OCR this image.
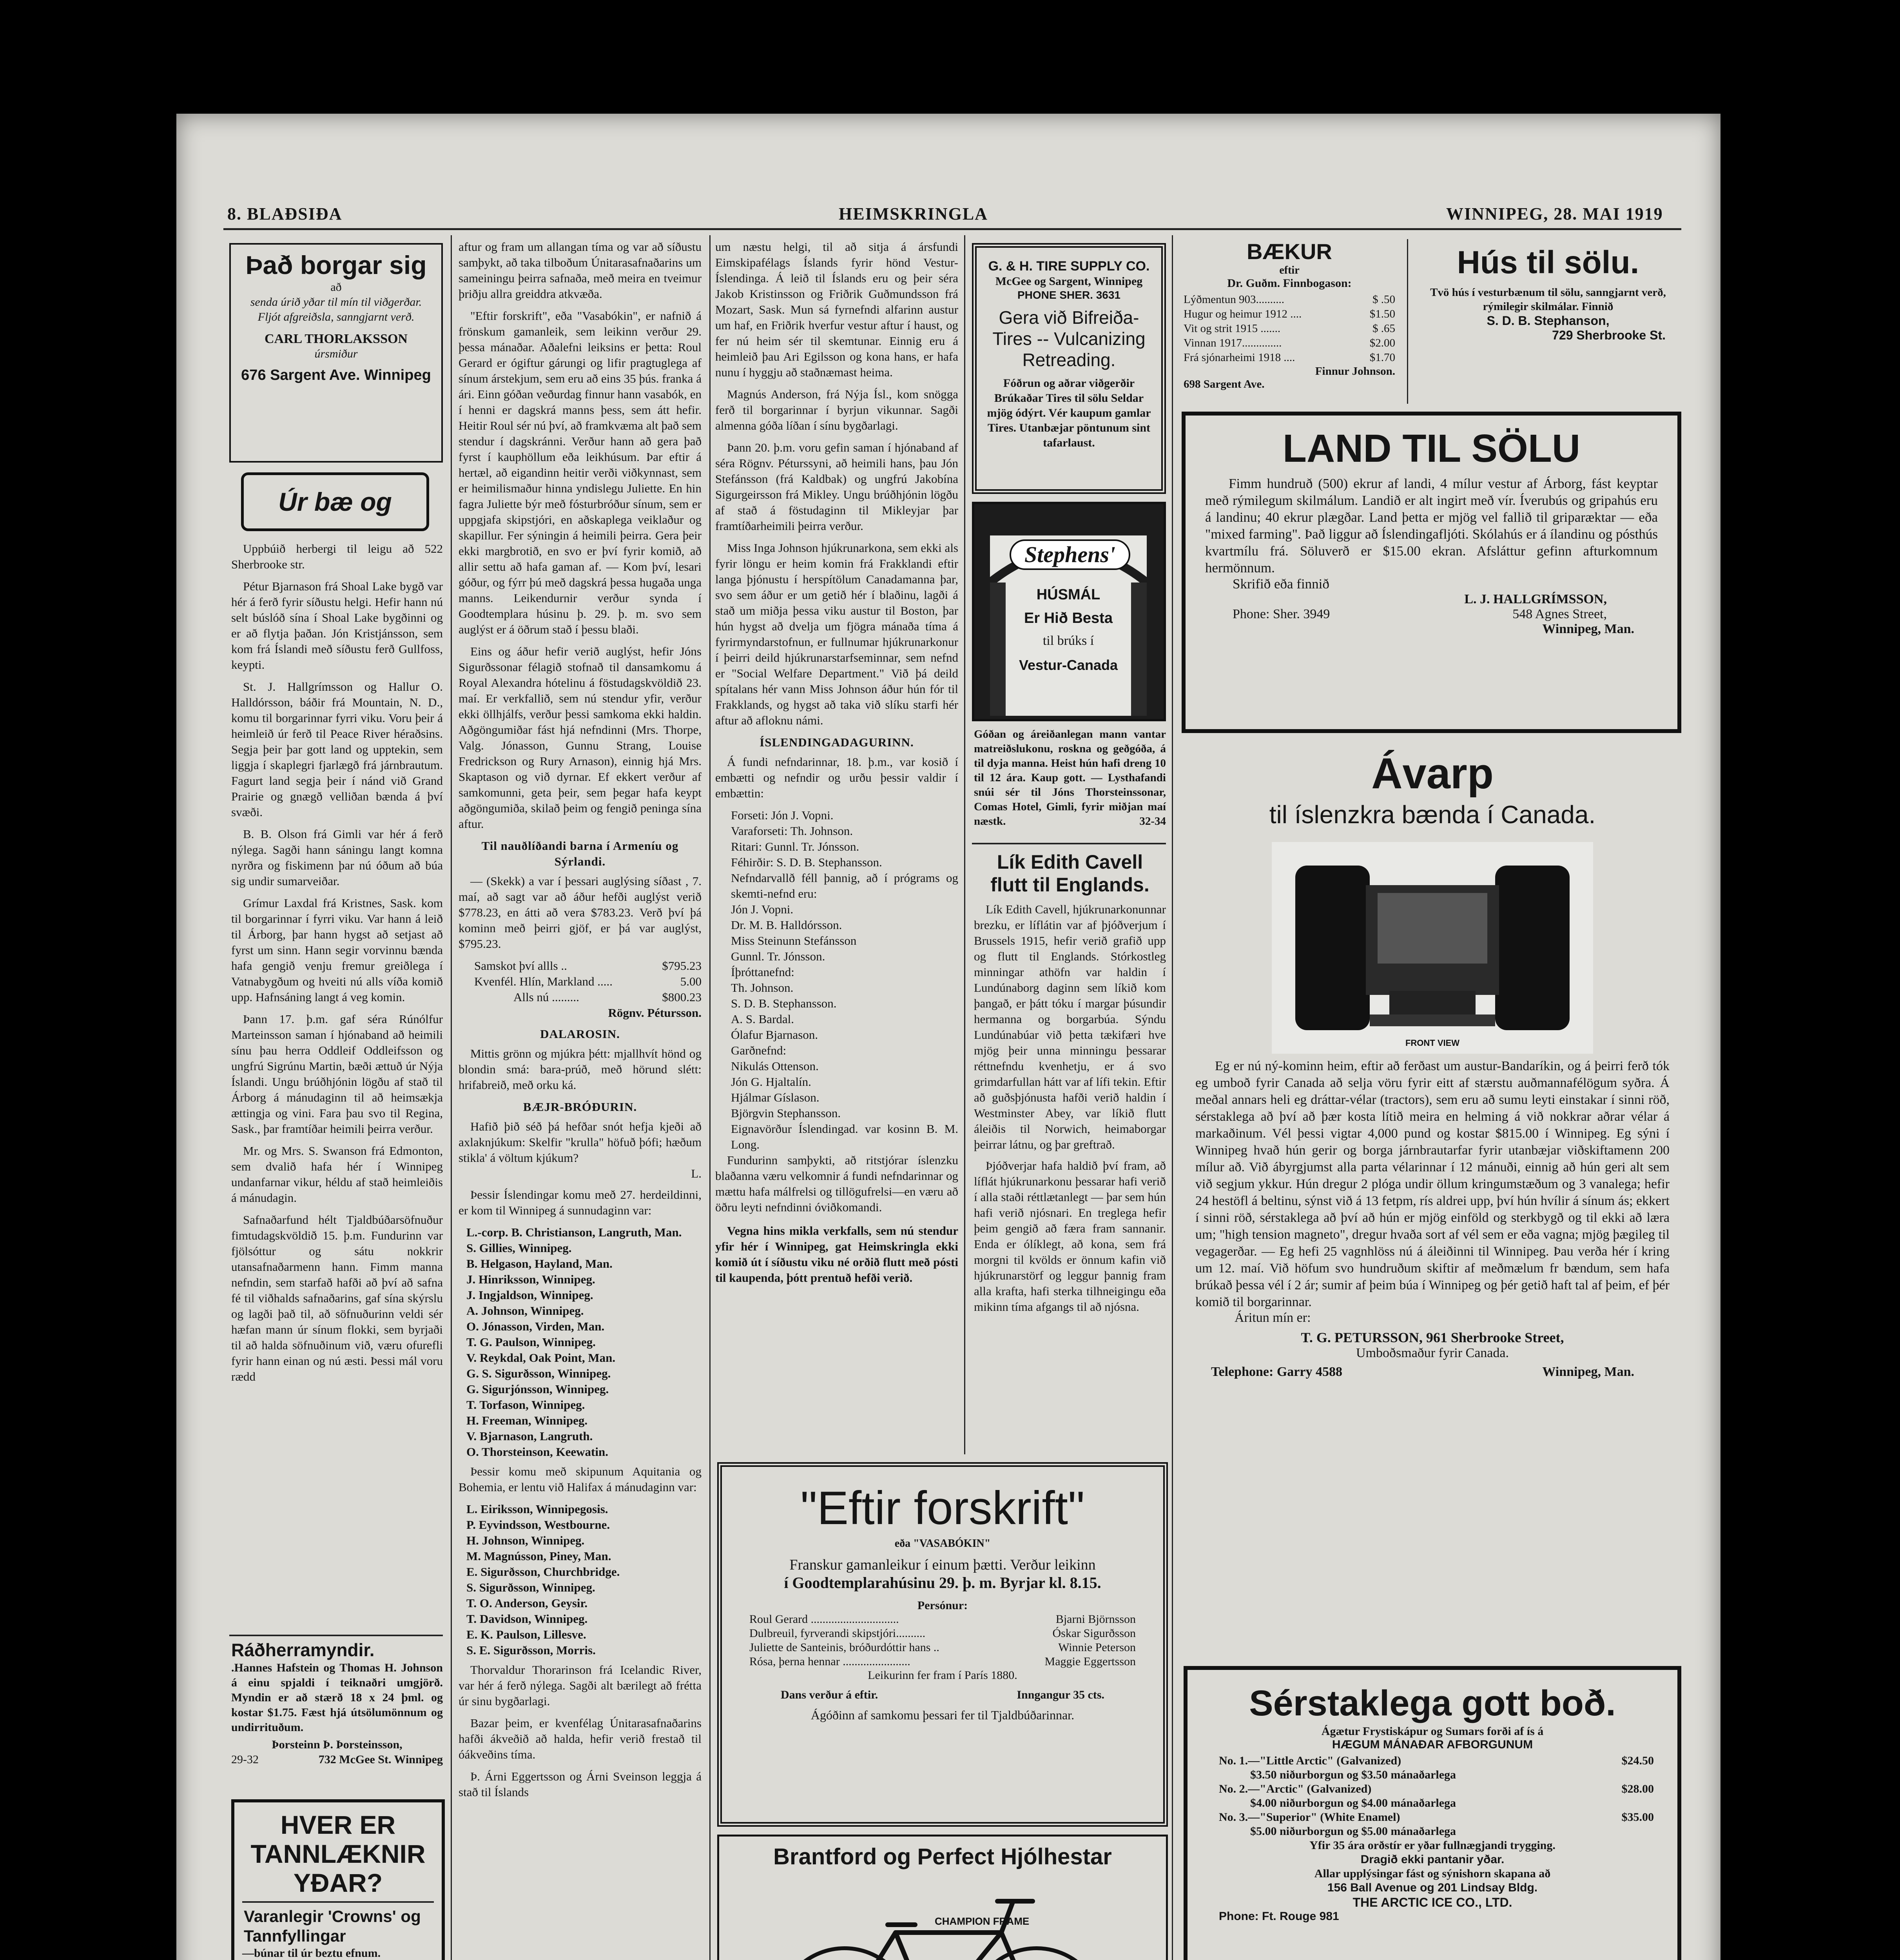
8. BLAÐSIÐA	HEIMSKRINGLA	WINNIPEG, 28. MAI 1919
Það borgar sig
að
senda úrið yðar til mín til viðgerðar. Fljót afgreiðsla, sanngjarnt verð.
CARL THORLAKSSON
úrsmiður
676 Sargent Ave. Winnipeg
Úr bæ og

Uppbúið herbergi til leigu að 522 Sherbrooke str.

Pétur Bjarnason frá Shoal Lake bygð var hér á ferð fyrir síðustu helgi. Hefir hann nú selt búslóð sína í Shoal Lake bygðinni og er að flytja þaðan. Jón Kristjánsson, sem kom frá Íslandi með síðustu ferð Gullfoss, keypti.

St. J. Hallgrímsson og Hallur O. Halldórsson, báðir frá Mountain, N. D., komu til borgarinnar fyrri viku. Voru þeir á heimleið úr ferð til Peace River héraðsins. Segja þeir þar gott land og upptekin, sem liggja í skaplegri fjarlægð frá járnbrautum. Fagurt land segja þeir í nánd við Grand Prairie og gnægð velliðan bænda á því svæði.

B. B. Olson frá Gimli var hér á ferð nýlega. Sagði hann sáningu langt komna nyrðra og fiskimenn þar nú óðum að búa sig undir sumarveiðar.

Grímur Laxdal frá Kristnes, Sask. kom til borgarinnar í fyrri viku. Var hann á leið til Árborg, þar hann hygst að setjast að fyrst um sinn. Hann segir vorvinnu bænda hafa gengið venju fremur greiðlega í Vatnabygðum og hveiti nú alls víða komið upp. Hafnsáning langt á veg komin.

Þann 17. þ.m. gaf séra Rúnólfur Marteinsson saman í hjónaband að heimili sínu þau herra Oddleif Oddleifsson og ungfrú Sigrúnu Martin, bæði ættuð úr Nýja Íslandi. Ungu brúðhjónin lögðu af stað til Árborg á mánudaginn til að heimsækja ættingja og vini. Fara þau svo til Regina, Sask., þar framtíðar heimili þeirra verður.

Mr. og Mrs. S. Swanson frá Edmonton, sem dvalið hafa hér í Winnipeg undanfarnar vikur, héldu af stað heimleiðis á mánudagin.

Safnaðarfund hélt Tjaldbúðarsöfnuður fimtudagskvöldið 15. þ.m. Fundurinn var fjölsóttur og sátu nokkrir utansafnaðarmenn hann. Fimm manna nefndin, sem starfað hafði að því að safna fé til viðhalds safnaðarins, gaf sína skýrslu og lagði það til, að söfnuðurinn veldi sér hæfan mann úr sínum flokki, sem byrjaði til að halda söfnuðinum við, væru ofurefli fyrir hann einan og nú æsti. Þessi mál voru rædd

Ráðherramyndir.
.Hannes Hafstein og Thomas H. Johnson á einu spjaldi í teiknaðri umgjörð. Myndin er að stærð 18 x 24 þml. og kostar $1.75. Fæst hjá útsölumönnum og undirrituðum.
Þorsteinn Þ. Þorsteinsson,
29-32	732 McGee St. Winnipeg
HVER ER
TANNLÆKNIR
YÐAR?
Varanlegir 'Crowns' og Tannfyllingar
—búnar til úr beztu efnum.

aftur og fram um allangan tíma og var að síðustu samþykt, að taka tilboðum Únitarasafnaðarins um sameiningu þeirra safnaða, með meira en tveimur þriðju allra greiddra atkvæða.

"Eftir forskrift", eða "Vasabókin", er nafnið á frönskum gamanleik, sem leikinn verður 29. þessa mánaðar. Aðalefni leiksins er þetta: Roul Gerard er ógiftur gárungi og lifir pragtuglega af sínum árstekjum, sem eru að eins 35 þús. franka á ári. Einn góðan veðurdag finnur hann vasabók, en í henni er dagskrá manns þess, sem átt hefir. Heitir Roul sér nú því, að framkvæma alt það sem stendur í dagskránni. Verður hann að gera það fyrst í kauphöllum eða leikhúsum. Þar eftir á hertæl, að eigandinn heitir verði viðkynnast, sem er heimilismaður hinna yndislegu Juliette. En hin fagra Juliette býr með fósturbróður sínum, sem er uppgjafa skipstjóri, en aðskaplega veiklaður og skapillur. Fer sýningin á heimili þeirra. Gera þeir ekki margbrotið, en svo er því fyrir komið, að allir settu að hafa gaman af. — Kom því, lesari góður, og fýrr þú með dagskrá þessa hugaða unga manns. Leikendurnir verður synda í Goodtemplara húsinu þ. 29. þ. m. svo sem auglýst er á öðrum stað í þessu blaði.

Eins og áður hefir verið auglýst, hefir Jóns Sigurðssonar félagið stofnað til dansamkomu á Royal Alexandra hótelinu á föstudagskvöldið 23. maí. Er verkfallið, sem nú stendur yfir, verður ekki öllhjálfs, verður þessi samkoma ekki haldin. Aðgöngumiðar fást hjá nefndinni (Mrs. Thorpe, Valg. Jónasson, Gunnu Strang, Louise Fredrickson og Rury Arnason), einnig hjá Mrs. Skaptason og við dyrnar. Ef ekkert verður af samkomunni, geta þeir, sem þegar hafa keypt aðgöngumiða, skilað þeim og fengið peninga sína aftur.

Til nauðlíðandi barna í Armeníu og Sýrlandi.

— (Skekk) a var í þessari auglýsing síðast , 7. maí, að sagt var að áður hefði auglýst verið $778.23, en átti að vera $783.23. Verð því þá kominn með þeirri gjöf, er þá var auglýst, $795.23.

Samskot því allls ..	$795.23
Kvenfél. Hlín, Markland .....	5.00
Alls nú .........	$800.23
Rögnv. Pétursson.
DALAROSIN.

Mittis grönn og mjúkra þétt: mjallhvít hönd og blondin smá: bara-prúð, með hörund slétt: hrifabreið, með orku ká.

BÆJR-BRÓÐURIN.

Hafið þið séð þá hefðar snót hefja kjeði að axlaknjúkum: Skelfir "krulla" höfuð þófi; hæðum stikla' á völtum kjúkum?

L.

Þessir Íslendingar komu með 27. herdeildinni, er kom til Winnipeg á sunnudaginn var:

L.-corp. B. Christianson, Langruth, Man.
S. Gillies, Winnipeg.
B. Helgason, Hayland, Man.
J. Hinriksson, Winnipeg.
J. Ingjaldson, Winnipeg.
A. Johnson, Winnipeg.
O. Jónasson, Virden, Man.
T. G. Paulson, Winnipeg.
V. Reykdal, Oak Point, Man.
G. S. Sigurðsson, Winnipeg.
G. Sigurjónsson, Winnipeg.
T. Torfason, Winnipeg.
H. Freeman, Winnipeg.
V. Bjarnason, Langruth.
O. Thorsteinson, Keewatin.

Þessir komu með skipunum Aquitania og Bohemia, er lentu við Halifax á mánudaginn var:

L. Eiriksson, Winnipegosis.
P. Eyvindsson, Westbourne.
H. Johnson, Winnipeg.
M. Magnússon, Piney, Man.
E. Sigurðsson, Churchbridge.
S. Sigurðsson, Winnipeg.
T. O. Anderson, Geysir.
T. Davidson, Winnipeg.
E. K. Paulson, Lillesve.
S. E. Sigurðsson, Morris.

Thorvaldur Thorarinson frá Icelandic River, var hér á ferð nýlega. Sagði alt bærilegt að frétta úr sinu bygðarlagi.

Bazar þeim, er kvenfélag Únitarasafnaðarins hafði ákveðið að halda, hefir verið frestað til óákveðins tíma.

Þ. Árni Eggertsson og Árni Sveinson leggja á stað til Íslands

um næstu helgi, til að sitja á ársfundi Eimskipafélags Íslands fyrir hönd Vestur-Íslendinga. Á leið til Íslands eru og þeir séra Jakob Kristinsson og Friðrik Guðmundsson frá Mozart, Sask. Mun sá fyrnefndi alfarinn austur um haf, en Friðrik hverfur vestur aftur í haust, og fer nú heim sér til skemtunar. Einnig eru á heimleið þau Ari Egilsson og kona hans, er hafa nunu í hyggju að staðnæmast heima.

Magnús Anderson, frá Nýja Ísl., kom snögga ferð til borgarinnar í byrjun vikunnar. Sagði almenna góða líðan í sínu bygðarlagi.

Þann 20. þ.m. voru gefin saman í hjónaband af séra Rögnv. Péturssyni, að heimili hans, þau Jón Stefánsson (frá Kaldbak) og ungfrú Jakobína Sigurgeirsson frá Mikley. Ungu brúðhjónin lögðu af stað á föstudaginn til Mikleyjar þar framtíðarheimili þeirra verður.

Miss Inga Johnson hjúkrunarkona, sem ekki als fyrir löngu er heim komin frá Frakklandi eftir langa þjónustu í herspítölum Canadamanna þar, svo sem áður er um getið hér í blaðinu, lagði á stað um miðja þessa viku austur til Boston, þar hún hygst að dvelja um fjögra mánaða tíma á fyrirmyndarstofnun, er fullnumar hjúkrunarkonur í þeirri deild hjúkrunarstarfseminnar, sem nefnd er "Social Welfare Department." Við þá deild spítalans hér vann Miss Johnson áður hún fór til Frakklands, og hygst að taka við slíku starfi hér aftur að afloknu námi.

ÍSLENDINGADAGURINN.

Á fundi nefndarinnar, 18. þ.m., var kosið í embætti og nefndir og urðu þessir valdir í embættin:

Forseti: Jón J. Vopni.
Varaforseti: Th. Johnson.
Ritari: Gunnl. Tr. Jónsson.
Féhirðir: S. D. B. Stephansson.
Nefndarvallð féll þannig, að í prógrams og skemti-nefnd eru:
Jón J. Vopni.
Dr. M. B. Halldórsson.
Miss Steinunn Stefánsson
Gunnl. Tr. Jónsson.
Íþróttanefnd:
Th. Johnson.
S. D. B. Stephansson.
A. S. Bardal.
Ólafur Bjarnason.
Garðnefnd:
Nikulás Ottenson.
Jón G. Hjaltalín.
Hjálmar Gíslason.
Björgvin Stephansson.
Eignavörður Íslendingad. var kosinn B. M. Long.

Fundurinn samþykti, að ritstjórar íslenzku blaðanna væru velkomnir á fundi nefndarinnar og mættu hafa málfrelsi og tillögufrelsi—en væru að öðru leyti nefndinni óviðkomandi.

Vegna hins mikla verkfalls, sem nú stendur yfir hér í Winnipeg, gat Heimskringla ekki komið út í síðustu viku né orðið flutt með pósti til kaupenda, þótt prentuð hefði verið.

G. & H. TIRE SUPPLY CO.
McGee og Sargent, Winnipeg
PHONE SHER. 3631
Gera við Bifreiða-Tires -- Vulcanizing Retreading.
Fóðrun og aðrar viðgerðir Brúkaðar Tires til sölu Seldar mjög ódýrt. Vér kaupum gamlar Tires. Utanbæjar pöntunum sint tafarlaust.
Stephens'
HÚSMÁL
Er Hið Besta
til brúks í
Vestur-Canada
Góðan og áreiðanlegan mann vantar matreiðslukonu, roskna og geðgóða, á til dyja manna. Heist hún hafi dreng 10 til 12 ára. Kaup gott. — Lysthafandi snúi sér til Jóns Thorsteinssonar, Comas Hotel, Gimli, fyrir miðjan maí næstk.	32-34
Lík Edith Cavell
flutt til Englands.

Lík Edith Cavell, hjúkrunarkonunnar brezku, er líflátin var af þjóðverjum í Brussels 1915, hefir verið grafið upp og flutt til Englands. Stórkostleg minningar athöfn var haldin í Lundúnaborg daginn sem líkið kom þangað, er þátt tóku í margar þúsundir hermanna og borgarbúa. Sýndu Lundúnabúar við þetta tækifæri hve mjög þeir unna minningu þessarar réttnefndu kvenhetju, er á svo grimdarfullan hátt var af lífi tekin. Eftir að guðsþjónusta hafði verið haldin í Westminster Abey, var líkið flutt áleiðis til Norwich, heimaborgar þeirrar látnu, og þar greftrað.

Þjóðverjar hafa haldið því fram, að líflát hjúkrunarkonu þessarar hafi verið í alla staði réttlætanlegt — þar sem hún hafi verið njósnari. En treglega hefir þeim gengið að færa fram sannanir. Enda er ólíklegt, að kona, sem frá morgni til kvölds er önnum kafin við hjúkrunarstörf og leggur þannig fram alla krafta, hafi sterka tilhneigingu eða mikinn tíma afgangs til að njósna.

"Eftir forskrift"
eða "VASABÓKIN"
Franskur gamanleikur í einum þætti. Verður leikinn
í Goodtemplarahúsinu 29. þ. m. Byrjar kl. 8.15.
Persónur:
Roul Gerard ..............................	Bjarni Björnsson
Dulbreuil, fyrverandi skipstjóri..........	Óskar Sigurðsson
Juliette de Santeinis, bróðurdóttir hans ..	Winnie Peterson
Rósa, þerna hennar .......................	Maggie Eggertsson
Leikurinn fer fram í París 1880.
Dans verður á eftir.	Inngangur 35 cts.
Ágóðinn af samkomu þessari fer til Tjaldbúðarinnar.
Brantford og Perfect Hjólhestar
CHAMPION FRAME
BÆKUR
eftir
Dr. Guðm. Finnbogason:
Lýðmentun 903..........	$ .50
Hugur og heimur 1912 ....	$1.50
Vit og strit 1915 .......	$ .65
Vinnan 1917..............	$2.00
Frá sjónarheimi 1918 ....	$1.70
Finnur Johnson.
698 Sargent Ave.
Hús til sölu.
Tvö hús í vesturbænum til sölu, sanngjarnt verð, rýmilegir skilmálar. Finnið
S. D. B. Stephanson,
729 Sherbrooke St.
LAND TIL SÖLU
Fimm hundruð (500) ekrur af landi, 4 mílur vestur af Árborg, fást keyptar með rýmilegum skilmálum. Landið er alt ingirt með vír. Íverubús og gripahús eru á landinu; 40 ekrur plægðar. Land þetta er mjög vel fallið til griparæktar — eða "mixed farming". Það liggur að Íslendingafljóti. Skólahús er á ílandinu og pósthús kvartmílu frá. Söluverð er $15.00 ekran. Afsláttur gefinn afturkomnum hermönnum.
Skrifið eða finnið
L. J. HALLGRÍMSSON,
Phone: Sher. 3949	548 Agnes Street,
Winnipeg, Man.
Ávarp
til íslenzkra bænda í Canada.
FRONT VIEW
Eg er nú ný-kominn heim, eftir að ferðast um austur-Bandaríkin, og á þeirri ferð tók eg umboð fyrir Canada að selja vöru fyrir eitt af stærstu auðmannafélögum syðra. Á meðal annars heli eg dráttar-vélar (tractors), sem eru að sumu leyti einstakar í sinni röð, sérstaklega að því að þær kosta lítið meira en helming á við nokkrar aðrar vélar á markaðinum. Vél þessi vigtar 4,000 pund og kostar $815.00 í Winnipeg. Eg sýni í Winnipeg hvað hún gerir og borga járnbrautarfar fyrir utanbæjar viðskiftamenn 200 mílur að. Við ábyrgjumst alla parta vélarinnar í 12 mánuði, einnig að hún geri alt sem við segjum ykkur. Hún dregur 2 plóga undir öllum kringumstæðum og 3 vanalega; hefir 24 hestöfl á beltinu, sýnst við á 13 fetpm, rís aldrei upp, því hún hvílir á sínum ás; ekkert í sinni röð, sérstaklega að því að hún er mjög einföld og sterkbygð og til ekki að læra um; "high tension magneto", dregur hvaða sort af vél sem er eða vagna; mjög þægileg til vegagerðar. — Eg hefi 25 vagnhlöss nú á áleiðinni til Winnipeg. Þau verða hér í kring um 12. maí. Við höfum svo hundruðum skiftir af meðmælum fr bændum, sem hafa brúkað þessa vél í 2 ár; sumir af þeim búa í Winnipeg og þér getið haft tal af þeim, ef þér komið til borgarinnar.
Áritun mín er:
T. G. PETURSSON, 961 Sherbrooke Street,
Umboðsmaður fyrir Canada.
Telephone: Garry 4588	Winnipeg, Man.
Sérstaklega gott boð.
Ágætur Frystiskápur og Sumars forði af ís á
HÆGUM MÁNAÐAR AFBORGUNUM
No. 1.—"Little Arctic" (Galvanized)	$24.50
$3.50 niðurborgun og $3.50 mánaðarlega
No. 2.—"Arctic" (Galvanized)	$28.00
$4.00 niðurborgun og $4.00 mánaðarlega
No. 3.—"Superior" (White Enamel)	$35.00
$5.00 niðurborgun og $5.00 mánaðarlega
Yfir 35 ára orðstír er yðar fullnægjandi trygging.
Dragið ekki pantanir yðar.
Allar upplýsingar fást og sýnishorn skapana að
156 Ball Avenue og 201 Lindsay Bldg.
THE ARCTIC ICE CO., LTD.
Phone: Ft. Rouge 981
